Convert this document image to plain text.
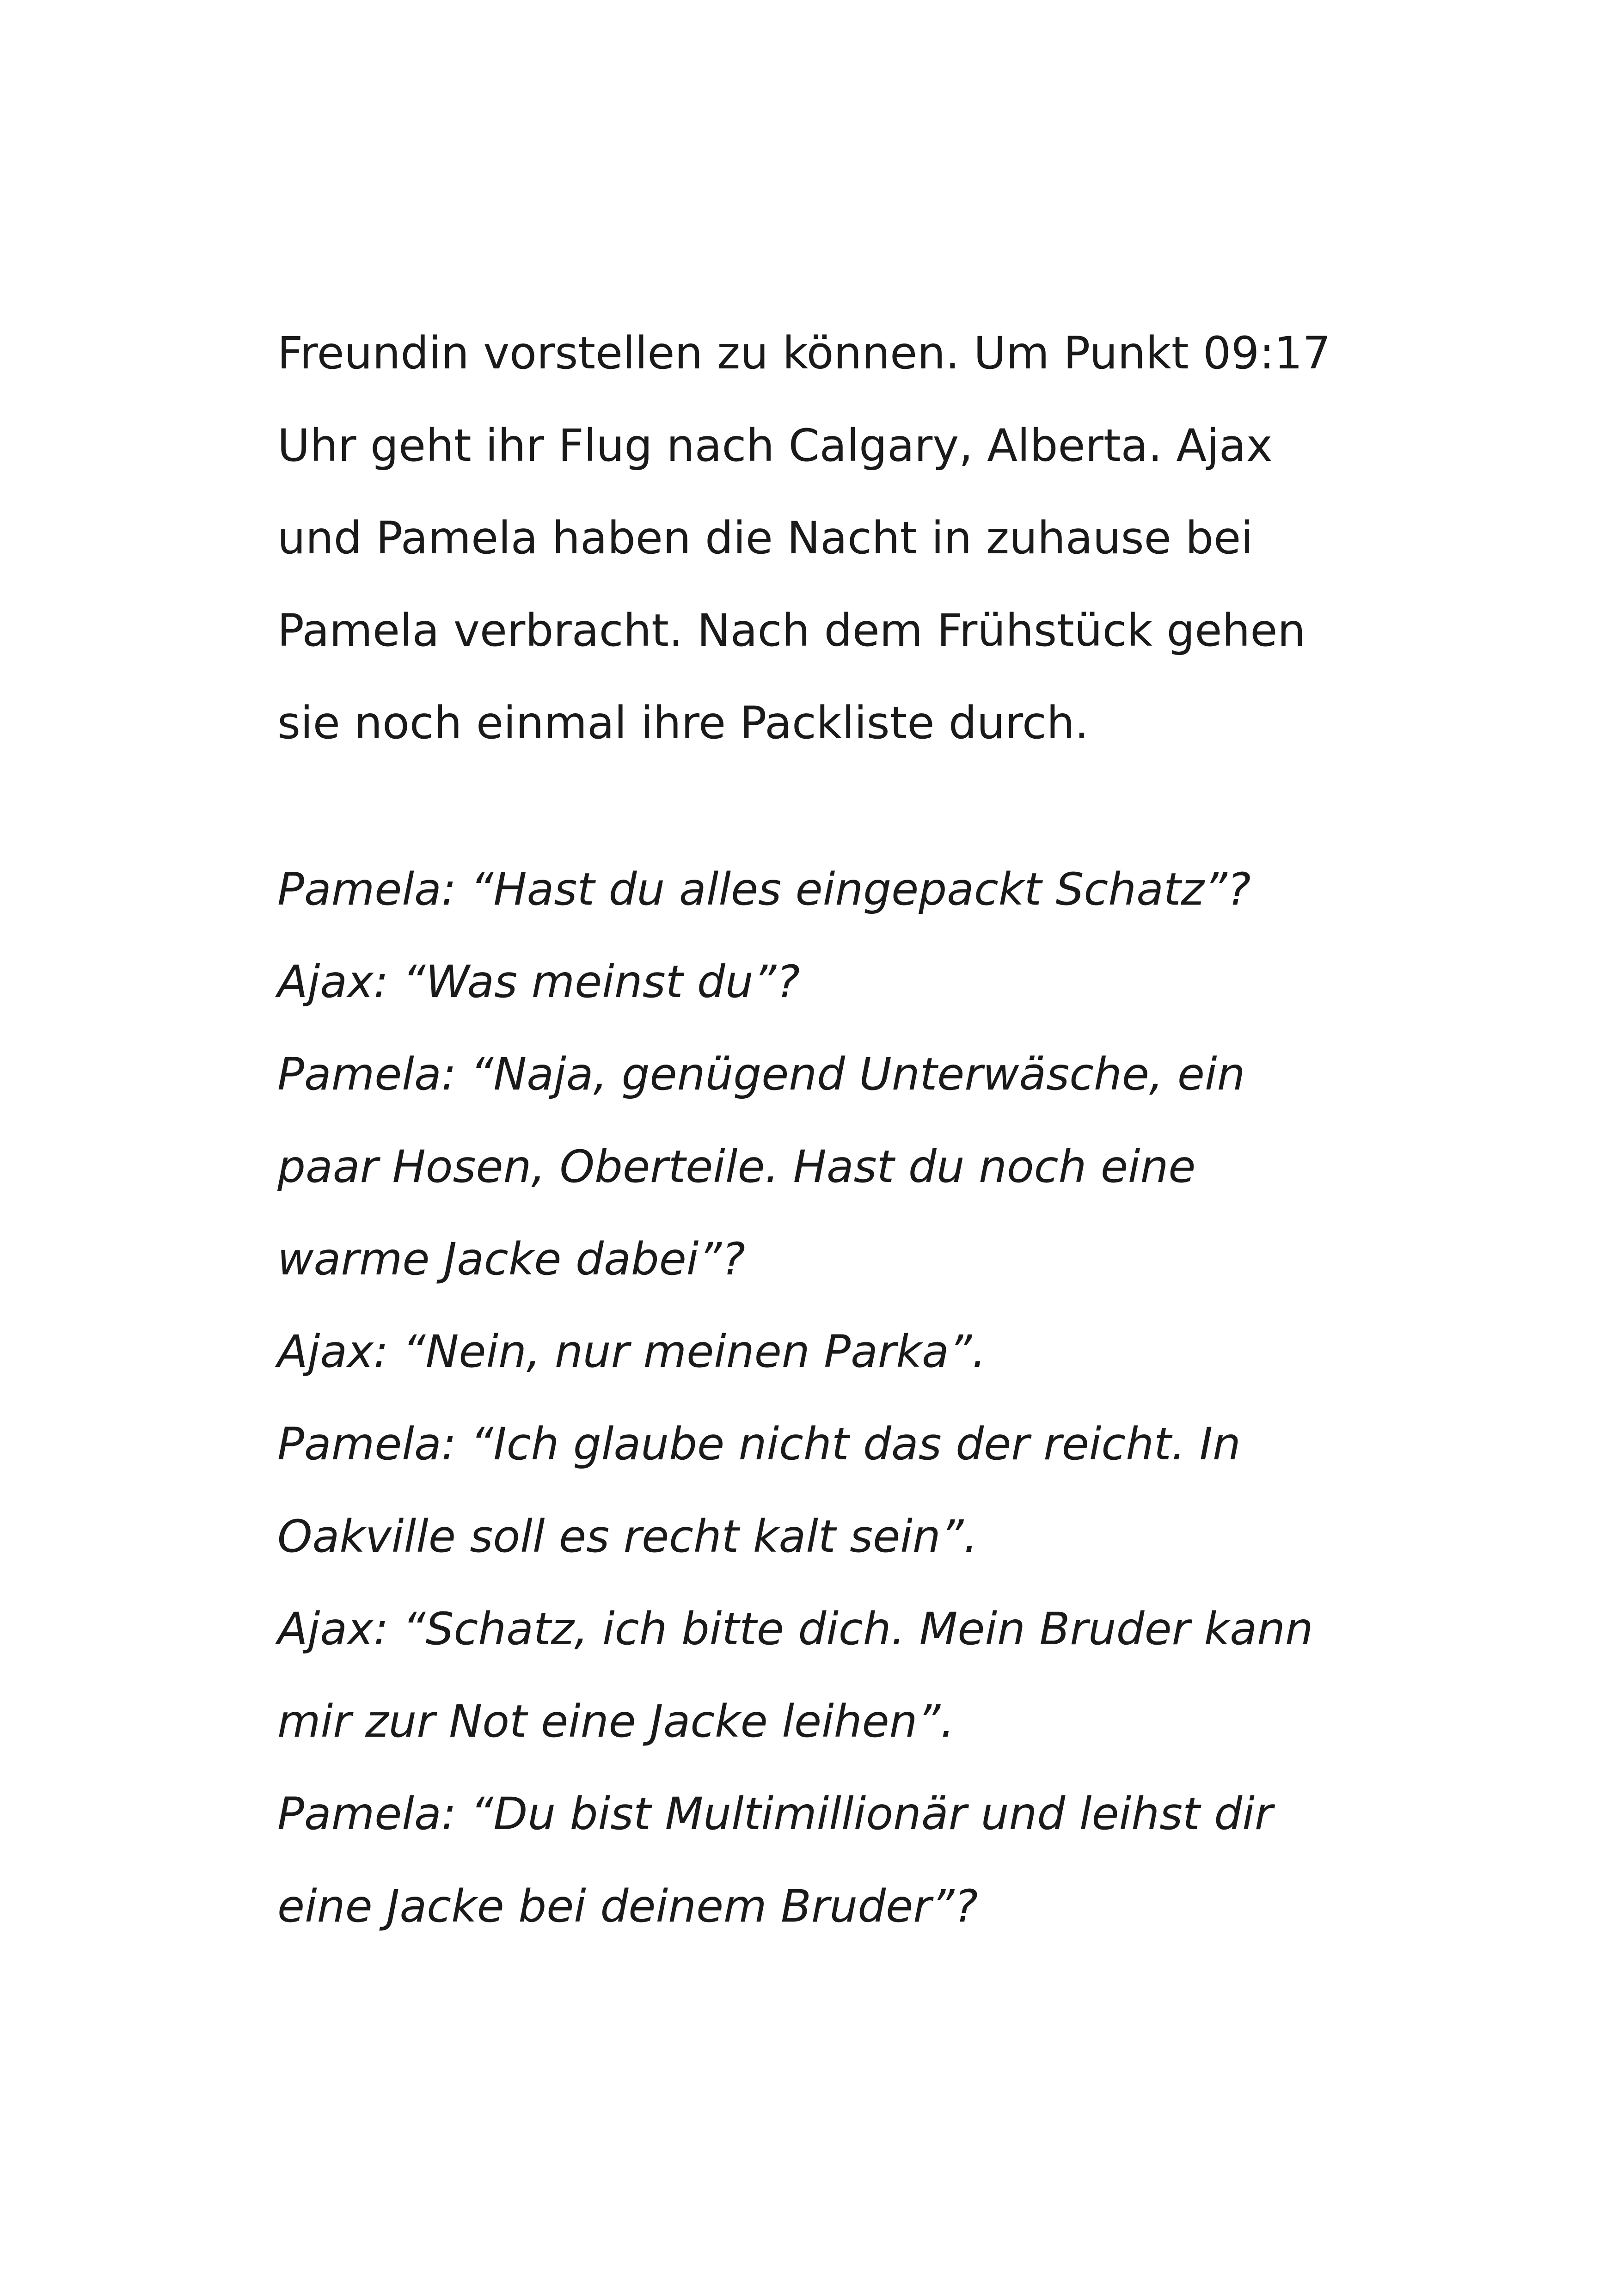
Freundin vorstellen zu können. Um Punkt 09:17
Uhr geht ihr Flug nach Calgary, Alberta. Ajax
und Pamela haben die Nacht in zuhause bei
Pamela verbracht. Nach dem Frühstück gehen
sie noch einmal ihre Packliste durch.
Pamela: “Hast du alles eingepackt Schatz”?
Ajax: “Was meinst du”?
Pamela: “Naja, genügend Unterwäsche, ein
paar Hosen, Oberteile. Hast du noch eine
warme Jacke dabei”?
Ajax: “Nein, nur meinen Parka”.
Pamela: “Ich glaube nicht das der reicht. In
Oakville soll es recht kalt sein”.
Ajax: “Schatz, ich bitte dich. Mein Bruder kann
mir zur Not eine Jacke leihen”.
Pamela: “Du bist Multimillionär und leihst dir
eine Jacke bei deinem Bruder”?
